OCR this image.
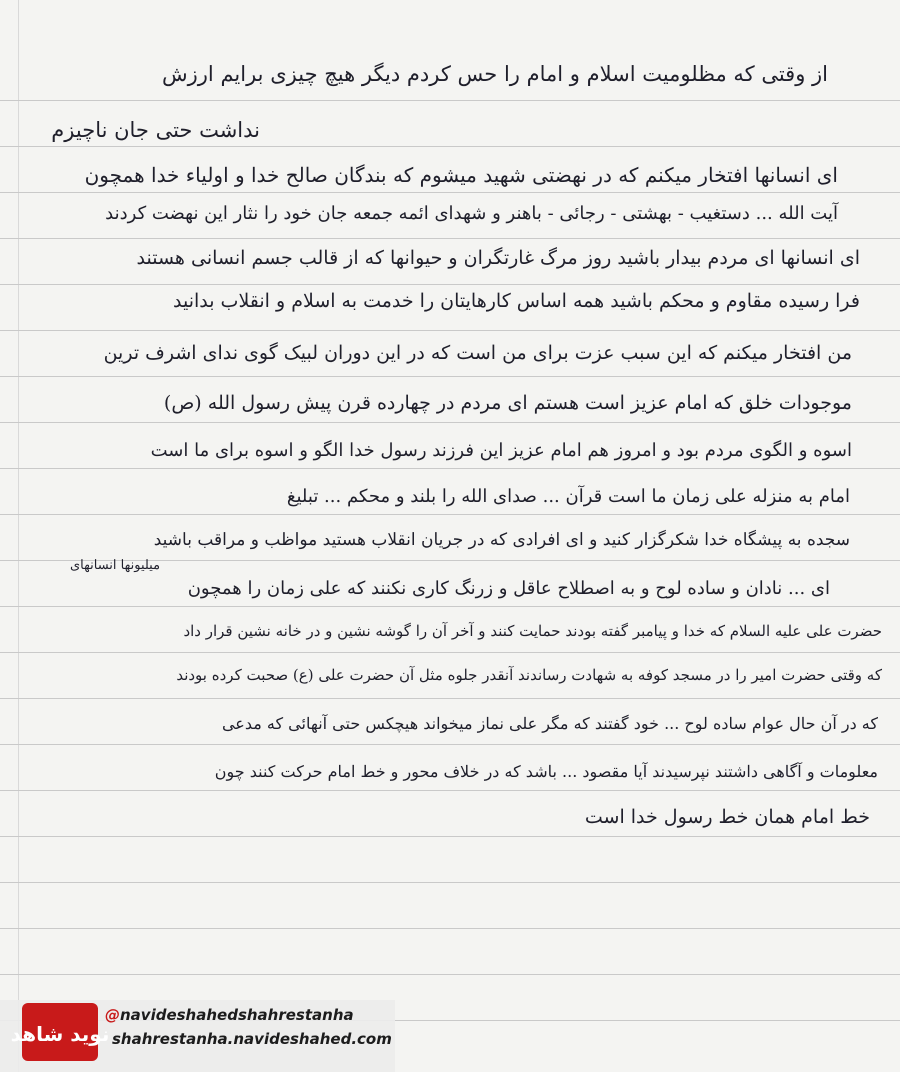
از وقتی که مظلومیت اسلام و امام را حس کردم دیگر هیچ چیزی برایم ارزش
نداشت حتی جان ناچیزم
ای انسانها افتخار میکنم که در نهضتی شهید میشوم که بندگان صالح خدا و اولیاء خدا همچون
آیت الله ... دستغیب - بهشتی - رجائی - باهنر و شهدای ائمه جمعه جان خود را نثار این نهضت کردند
ای انسانها ای مردم بیدار باشید روز مرگ غارتگران و حیوانها که از قالب جسم انسانی هستند
فرا رسیده مقاوم و محکم باشید همه اساس کارهایتان را خدمت به اسلام و انقلاب بدانید
من افتخار میکنم که این سبب عزت برای من است که در این دوران لبیک گوی ندای اشرف ترین
موجودات خلق که امام عزیز است هستم ای مردم در چهارده قرن پیش رسول الله (ص)
اسوه و الگوی مردم بود و امروز هم امام عزیز این فرزند رسول خدا الگو و اسوه برای ما است
امام به منزله علی زمان ما است قرآن ... صدای الله را بلند و محکم ... تبلیغ
سجده به پیشگاه خدا شکرگزار کنید و ای افرادی که در جریان انقلاب هستید مواظب و مراقب باشید
میلیونها انسانهای
ای ... نادان و ساده لوح و به اصطلاح عاقل و زرنگ کاری نکنند که علی زمان را همچون
حضرت علی علیه السلام که خدا و پیامبر گفته بودند حمایت کنند و آخر آن را گوشه نشین و در خانه نشین قرار داد
که وقتی حضرت امیر را در مسجد کوفه به شهادت رساندند آنقدر جلوه مثل آن حضرت علی (ع) صحبت کرده بودند
که در آن حال عوام ساده لوح ... خود گفتند که مگر علی نماز میخواند هیچکس حتی آنهائی که مدعی
معلومات و آگاهی داشتند نپرسیدند آیا مقصود ... باشد که در خلاف محور و خط امام حرکت کنند چون
خط امام همان خط رسول خدا است
نوید شاهد
@navideshahedshahrestanha
shahrestanha.navideshahed.com
